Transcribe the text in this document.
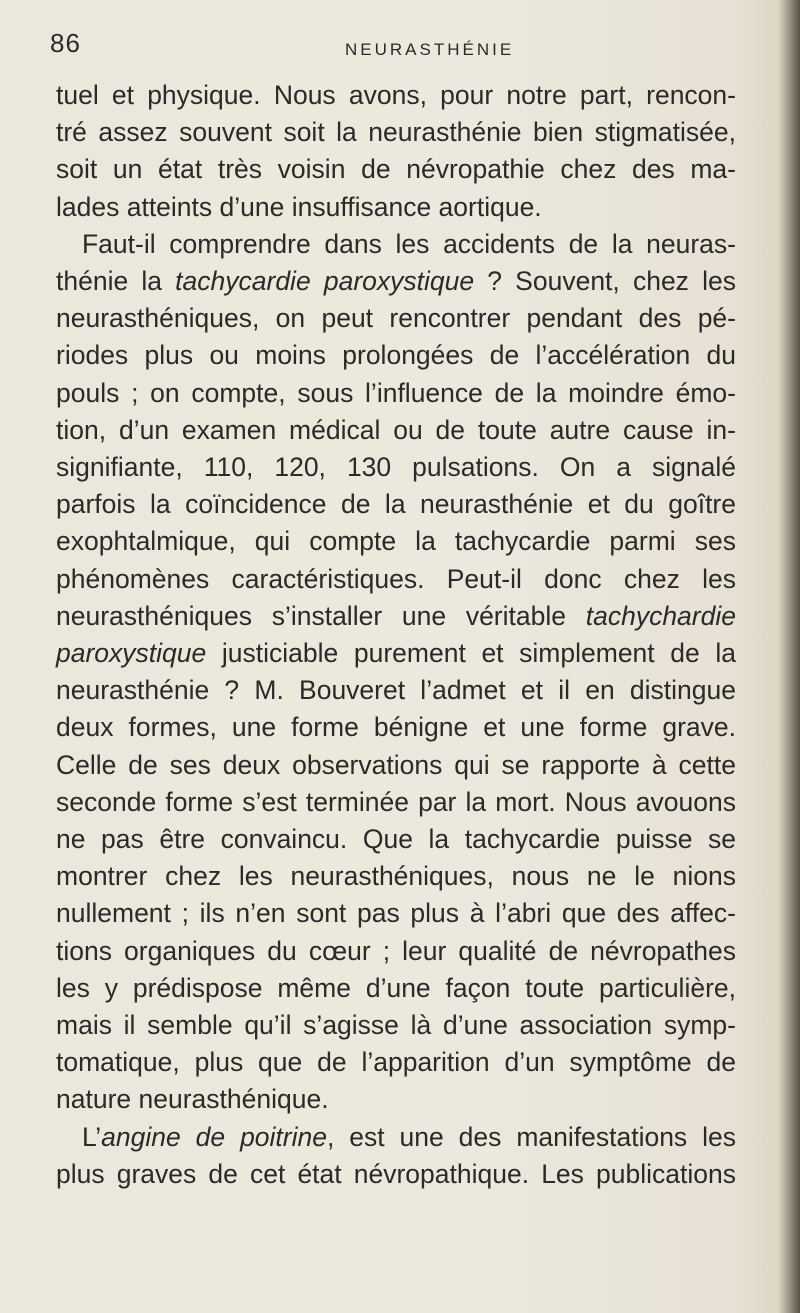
86	NEURASTHÉNIE
tuel et physique. Nous avons, pour notre part, rencon-
tré assez souvent soit la neurasthénie bien stigmatisée,
soit un état très voisin de névropathie chez des ma-
lades atteints d’une insuffisance aortique.
Faut-il comprendre dans les accidents de la neuras-
thénie la tachycardie paroxystique ? Souvent, chez les
neurasthéniques, on peut rencontrer pendant des pé-
riodes plus ou moins prolongées de l’accélération du
pouls ; on compte, sous l’influence de la moindre émo-
tion, d’un examen médical ou de toute autre cause in-
signifiante, 110, 120, 130 pulsations. On a signalé
parfois la coïncidence de la neurasthénie et du goître
exophtalmique, qui compte la tachycardie parmi ses
phénomènes caractéristiques. Peut-il donc chez les
neurasthéniques s’installer une véritable tachychardie
paroxystique justiciable purement et simplement de la
neurasthénie ? M. Bouveret l’admet et il en distingue
deux formes, une forme bénigne et une forme grave.
Celle de ses deux observations qui se rapporte à cette
seconde forme s’est terminée par la mort. Nous avouons
ne pas être convaincu. Que la tachycardie puisse se
montrer chez les neurasthéniques, nous ne le nions
nullement ; ils n’en sont pas plus à l’abri que des affec-
tions organiques du cœur ; leur qualité de névropathes
les y prédispose même d’une façon toute particulière,
mais il semble qu’il s’agisse là d’une association symp-
tomatique, plus que de l’apparition d’un symptôme de
nature neurasthénique.
L’angine de poitrine, est une des manifestations les
plus graves de cet état névropathique. Les publications
